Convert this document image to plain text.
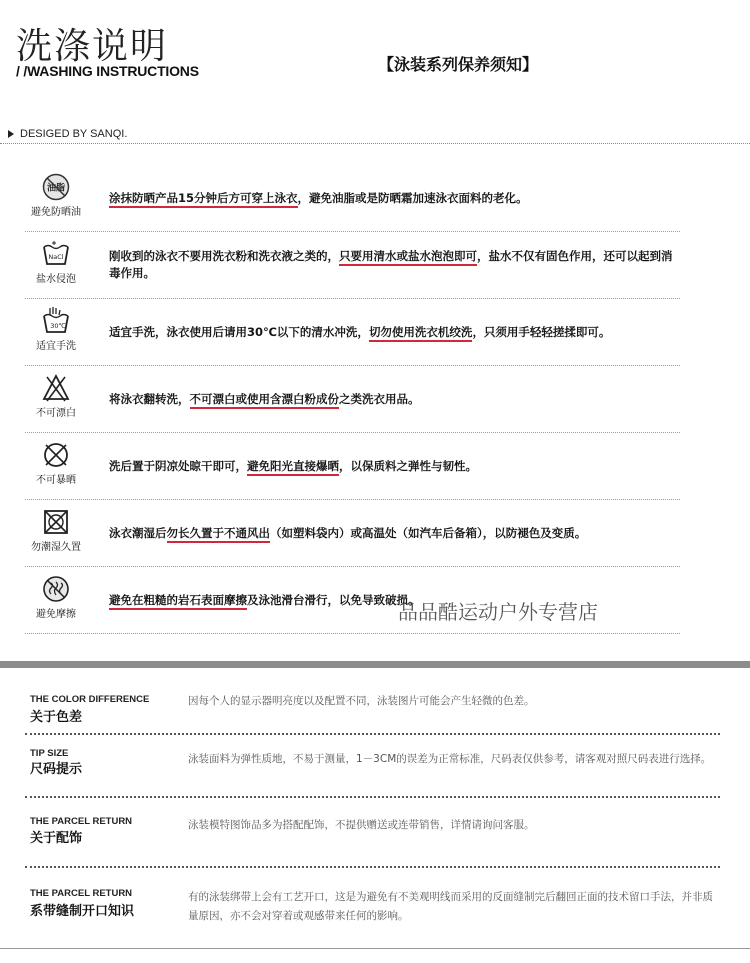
洗涤说明
/ /WASHING INSTRUCTIONS	【泳装系列保养须知】
DESIGED BY SANQI.
油脂
避免防晒油
涂抹防晒产品15分钟后方可穿上泳衣，避免油脂或是防晒霜加速泳衣面料的老化。
NaCl
盐水侵泡
刚收到的泳衣不要用洗衣粉和洗衣液之类的，只要用清水或盐水泡泡即可，盐水不仅有固色作用，还可以起到消毒作用。
30℃
适宜手洗
适宜手洗，泳衣使用后请用30℃以下的清水冲洗，切勿使用洗衣机绞洗，只须用手轻轻搓揉即可。
不可漂白
将泳衣翻转洗，不可漂白或使用含漂白粉成份之类洗衣用品。
不可暴晒
洗后置于阴凉处晾干即可，避免阳光直接爆晒，以保质料之弹性与韧性。
勿潮湿久置
泳衣潮湿后勿长久置于不通风出（如塑料袋内）或高温处（如汽车后备箱），以防褪色及变质。
避免摩擦
避免在粗糙的岩石表面摩擦及泳池滑台滑行，以免导致破损。
品品酷运动户外专营店
THE COLOR DIFFERENCE
关于色差
因每个人的显示器明亮度以及配置不同，泳装图片可能会产生轻微的色差。
TIP SIZE
尺码提示
泳装面料为弹性质地，不易于测量，1－3CM的误差为正常标准，尺码表仅供参考，请客观对照尺码表进行选择。
THE PARCEL RETURN
关于配饰
泳装模特图饰品多为搭配配饰，不提供赠送或连带销售，详情请询问客服。
THE PARCEL RETURN
系带缝制开口知识
有的泳装绑带上会有工艺开口，这是为避免有不美观明线而采用的反面缝制完后翻回正面的技术留口手法，并非质量原因，亦不会对穿着或观感带来任何的影响。
